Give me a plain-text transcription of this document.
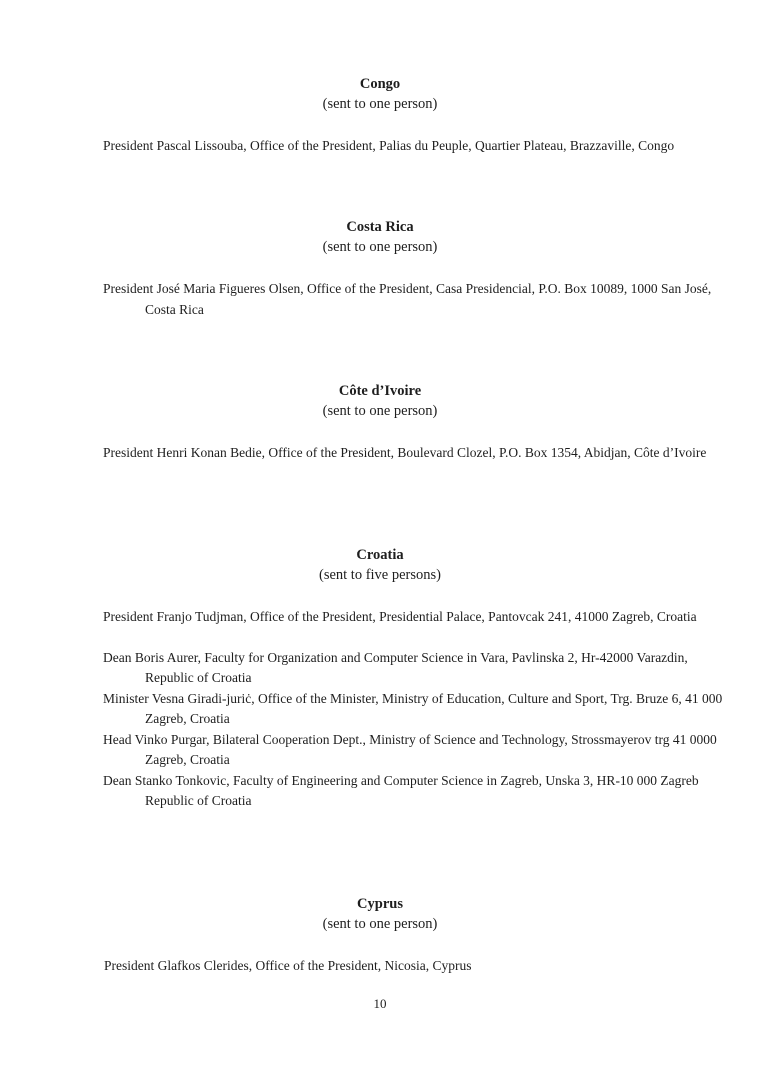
Congo

(sent to one person)

President Pascal Lissouba, Office of the President, Palias du Peuple, Quartier Plateau, Brazzaville, Congo

Costa Rica

(sent to one person)

President José Maria Figueres Olsen, Office of the President, Casa Presidencial, P.O. Box 10089, 1000 San José, Costa Rica

Côte d’Ivoire

(sent to one person)

President Henri Konan Bedie, Office of the President, Boulevard Clozel, P.O. Box 1354, Abidjan, Côte d’Ivoire

Croatia

(sent to five persons)

President Franjo Tudjman, Office of the President, Presidential Palace, Pantovcak 241, 41000 Zagreb, Croatia
Dean Boris Aurer, Faculty for Organization and Computer Science in Vara, Pavlinska 2, Hr-42000 Varazdin, Republic of Croatia
Minister Vesna Giradi-juriċ, Office of the Minister, Ministry of Education, Culture and Sport, Trg. Bruze 6, 41 000 Zagreb, Croatia
Head Vinko Purgar, Bilateral Cooperation Dept., Ministry of Science and Technology, Strossmayerov trg 41 0000 Zagreb, Croatia
Dean Stanko Tonkovic, Faculty of Engineering and Computer Science in Zagreb, Unska 3, HR-10 000 Zagreb Republic of Croatia

Cyprus

(sent to one person)

President Glafkos Clerides, Office of the President, Nicosia, Cyprus
10
